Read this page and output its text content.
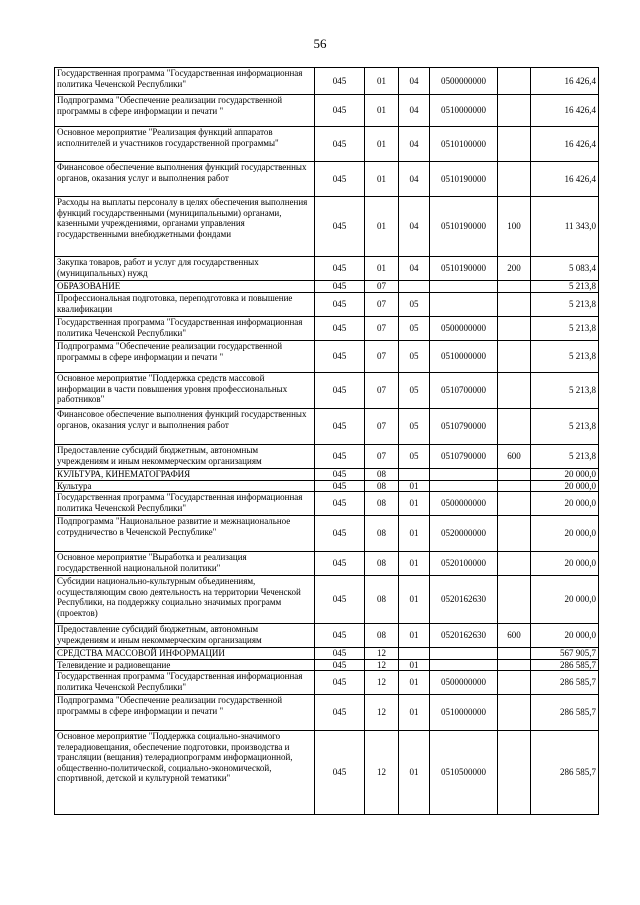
56
Государственная программа "Государственная информационная политика Чеченской Республики"	045	01	04	0500000000		16 426,4
Подпрограмма "Обеспечение реализации государственной программы в сфере информации и печати "	045	01	04	0510000000		16 426,4
Основное мероприятие "Реализация функций аппаратов исполнителей и участников государственной программы"	045	01	04	0510100000		16 426,4
Финансовое обеспечение выполнения функций государственных органов, оказания услуг и выполнения работ	045	01	04	0510190000		16 426,4
Расходы на выплаты персоналу в целях обеспечения выполнения функций государственными (муниципальными) органами, казенными учреждениями, органами управления государственными внебюджетными фондами	045	01	04	0510190000	100	11 343,0
Закупка товаров, работ и услуг для государственных (муниципальных) нужд	045	01	04	0510190000	200	5 083,4
ОБРАЗОВАНИЕ	045	07				5 213,8
Профессиональная подготовка, переподготовка и повышение квалификации	045	07	05			5 213,8
Государственная программа "Государственная информационная политика Чеченской Республики"	045	07	05	0500000000		5 213,8
Подпрограмма "Обеспечение реализации государственной программы в сфере информации и печати "	045	07	05	0510000000		5 213,8
Основное мероприятие "Поддержка средств массовой информации в части повышения уровня профессиональных работников"	045	07	05	0510700000		5 213,8
Финансовое обеспечение выполнения функций государственных органов, оказания услуг и выполнения работ	045	07	05	0510790000		5 213,8
Предоставление субсидий бюджетным, автономным учреждениям и иным некоммерческим организациям	045	07	05	0510790000	600	5 213,8
КУЛЬТУРА, КИНЕМАТОГРАФИЯ	045	08				20 000,0
Культура	045	08	01			20 000,0
Государственная программа "Государственная информационная политика Чеченской Республики"	045	08	01	0500000000		20 000,0
Подпрограмма "Национальное развитие и межнациональное сотрудничество в Чеченской Республике"	045	08	01	0520000000		20 000,0
Основное мероприятие "Выработка и реализация государственной национальной политики"	045	08	01	0520100000		20 000,0
Субсидии национально-культурным объединениям, осуществляющим свою деятельность на территории Чеченской Республики, на поддержку социально значимых программ (проектов)	045	08	01	0520162630		20 000,0
Предоставление субсидий бюджетным, автономным учреждениям и иным некоммерческим организациям	045	08	01	0520162630	600	20 000,0
СРЕДСТВА МАССОВОЙ ИНФОРМАЦИИ	045	12				567 905,7
Телевидение и радиовещание	045	12	01			286 585,7
Государственная программа "Государственная информационная политика Чеченской Республики"	045	12	01	0500000000		286 585,7
Подпрограмма "Обеспечение реализации государственной программы в сфере информации и печати "	045	12	01	0510000000		286 585,7
Основное мероприятие "Поддержка социально-значимого телерадиовещания, обеспечение подготовки, производства и трансляции (вещания) телерадиопрограмм информационной, общественно-политической, социально-экономической, спортивной, детской и культурной тематики"	045	12	01	0510500000		286 585,7
